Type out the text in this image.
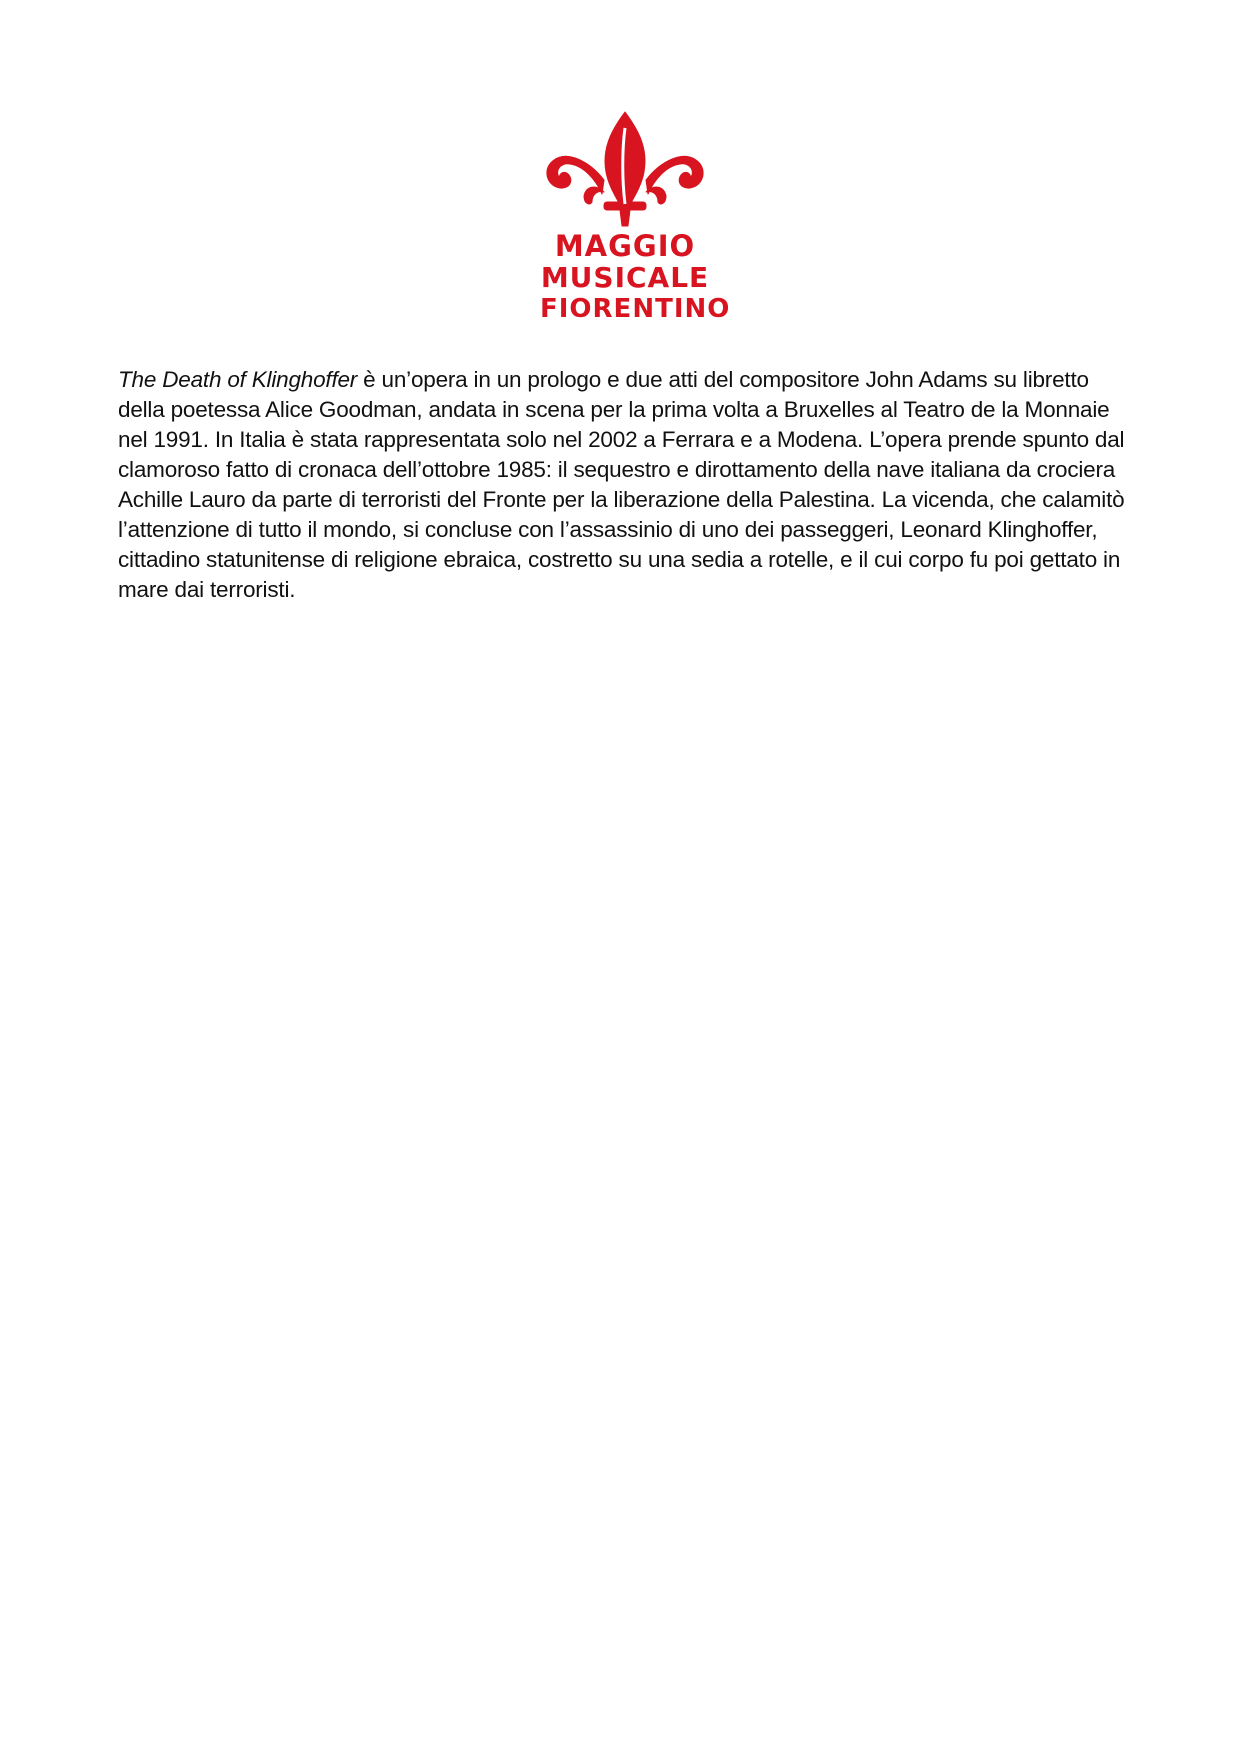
MAGGIO
MUSICALE
FIORENTINO
The Death of Klinghoffer è un’opera in un prologo e due atti del compositore John Adams su libretto della poetessa Alice Goodman, andata in scena per la prima volta a Bruxelles al Teatro de la Monnaie nel 1991. In Italia è stata rappresentata solo nel 2002 a Ferrara e a Modena. L’opera prende spunto dal clamoroso fatto di cronaca dell’ottobre 1985: il sequestro e dirottamento della nave italiana da crociera Achille Lauro da parte di terroristi del Fronte per la liberazione della Palestina. La vicenda, che calamitò l’attenzione di tutto il mondo, si concluse con l’assassinio di uno dei passeggeri, Leonard Klinghoffer, cittadino statunitense di religione ebraica, costretto su una sedia a rotelle, e il cui corpo fu poi gettato in mare dai terroristi.
